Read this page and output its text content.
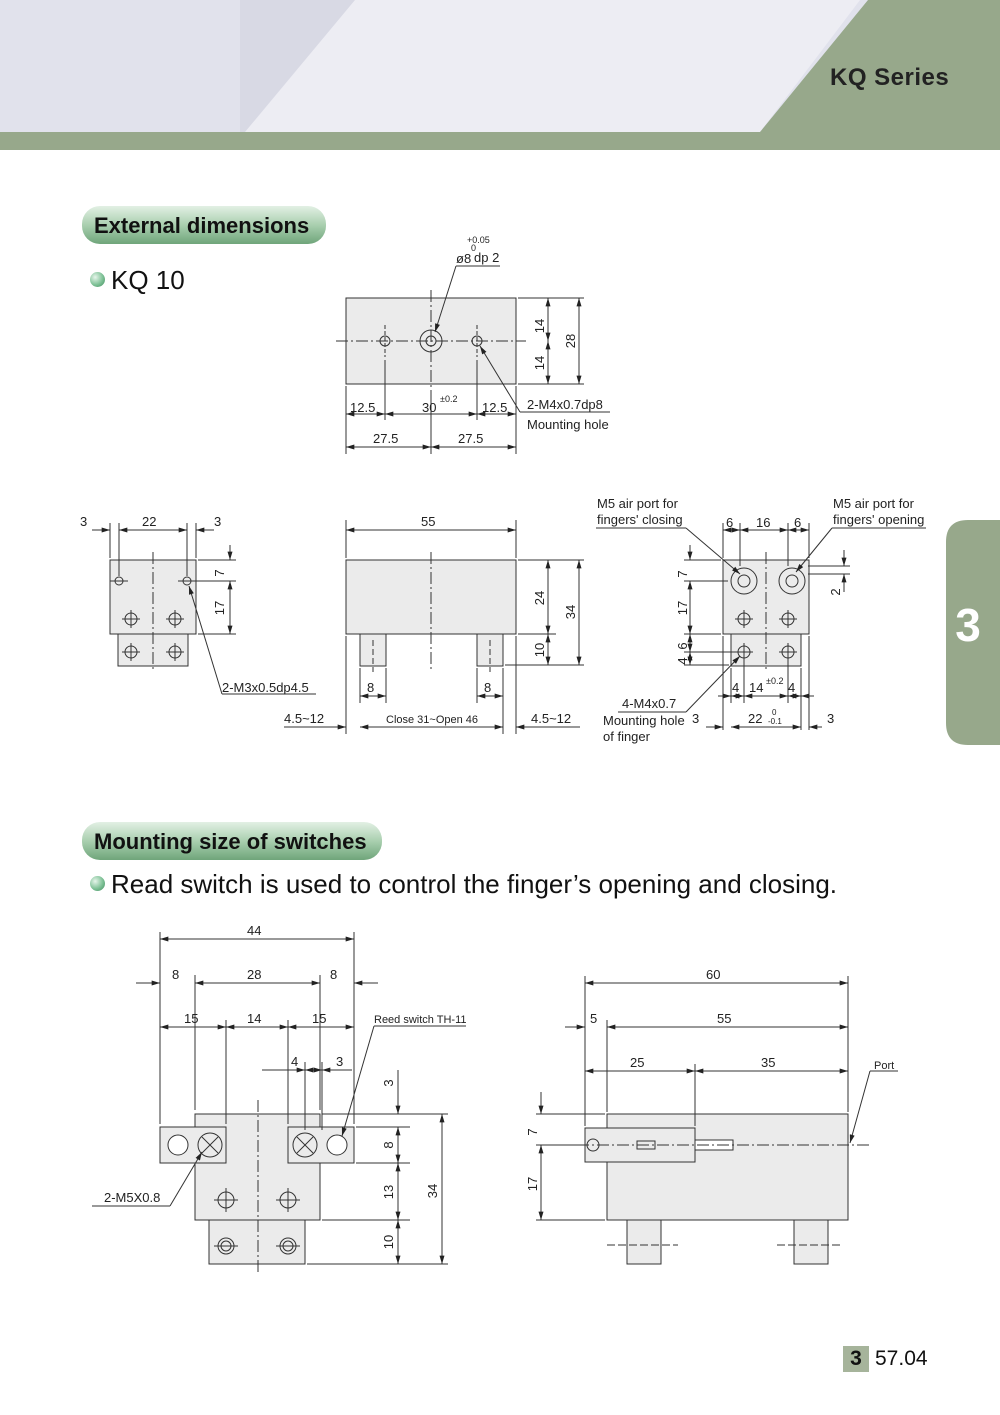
+0.05
0
ø8 dp 2
14
14
28
12.5	30
±0.2
12.5
27.5	27.5
2-M4x0.7dp8
Mounting hole
3	22	3
7
17
2-M3x0.5dp4.5
55
24
34
10
8	8
4.5~12	Close 31~Open 46	4.5~12
M5 air port for
fingers' closing
M5 air port for
fingers' opening
6 16 6
7
17
6
4
2
4 14 ±0.2 4
3	22 0
-0.1	3
4-M4x0.7
Mounting hole
of finger
44
8	28	8
15	14	15
4	3
3
8
13
10
34
Reed switch TH-11
2-M5X0.8
60
5	55
25	35
7
17
Port
KQ Series
3
External dimensions
KQ 10
Mounting size of switches
Read switch is used to control the finger’s opening and closing.
3 57.04
